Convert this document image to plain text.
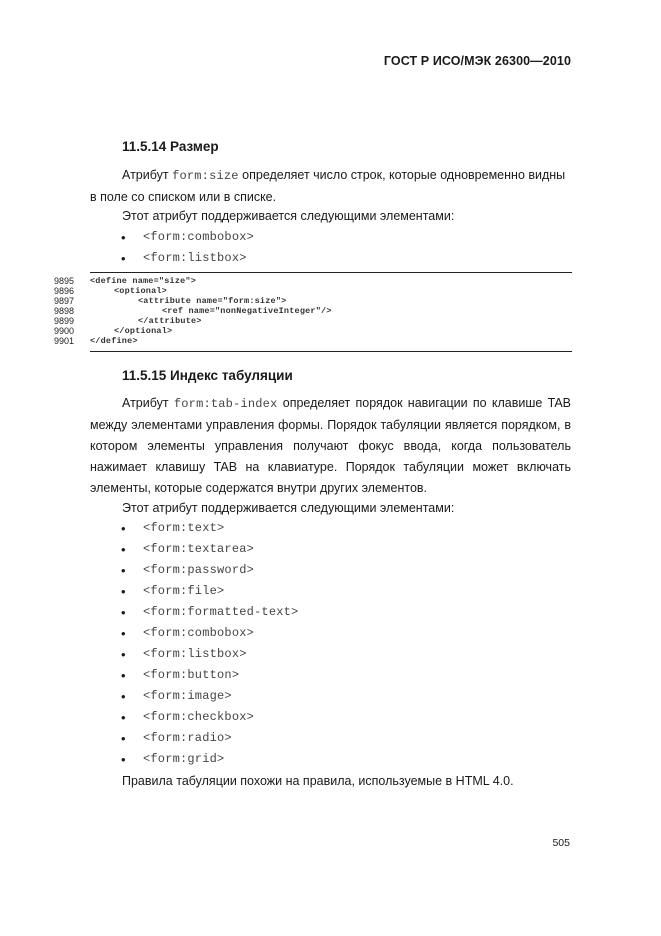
ГОСТ Р ИСО/МЭК 26300—2010
11.5.14 Размер
Атрибут form:size определяет число строк, которые одновременно видны в поле со списком или в списке.
Этот атрибут поддерживается следующими элементами:
• <form:combobox>
• <form:listbox>
9895 <define name="size">
9896	<optional>
9897	<attribute name="form:size">
9898	<ref name="nonNegativeInteger"/>
9899	</attribute>
9900	</optional>
9901 </define>
11.5.15 Индекс табуляции
Атрибут form:tab-index определяет порядок навигации по клавише TAB между элементами управления формы. Порядок табуляции является порядком, в котором элементы управления получают фокус ввода, когда пользователь нажимает клавишу TAB на клавиатуре. Порядок табуляции может включать элементы, которые содержатся внутри других элементов.
Этот атрибут поддерживается следующими элементами:
• <form:text>
• <form:textarea>
• <form:password>
• <form:file>
• <form:formatted-text>
• <form:combobox>
• <form:listbox>
• <form:button>
• <form:image>
• <form:checkbox>
• <form:radio>
• <form:grid>
Правила табуляции похожи на правила, используемые в HTML 4.0.
505
